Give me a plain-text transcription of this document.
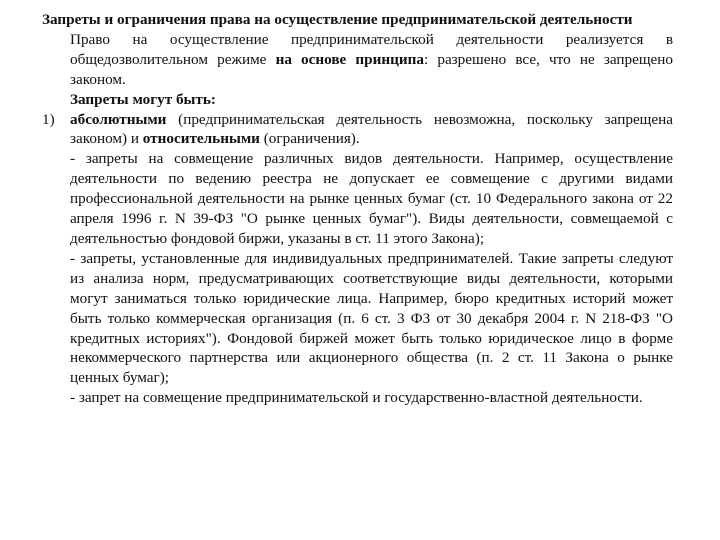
Запреты и ограничения права на осуществление предпринимательской деятельности

Право на осуществление предпринимательской деятельности реализуется в общедозволительном режиме на основе принципа: разрешено все, что не запрещено законом.

Запреты могут быть:

1) абсолютными (предпринимательская деятельность невозможна, поскольку запрещена законом) и относительными (ограничения).

- запреты на совмещение различных видов деятельности. Например, осуществление деятельности по ведению реестра не допускает ее совмещение с другими видами профессиональной деятельности на рынке ценных бумаг (ст. 10 Федерального закона от 22 апреля 1996 г. N 39-ФЗ "О рынке ценных бумаг"). Виды деятельности, совмещаемой с деятельностью фондовой биржи, указаны в ст. 11 этого Закона);

- запреты, установленные для индивидуальных предпринимателей. Такие запреты следуют из анализа норм, предусматривающих соответствующие виды деятельности, которыми могут заниматься только юридические лица. Например, бюро кредитных историй может быть только коммерческая организация (п. 6 ст. 3 ФЗ от 30 декабря 2004 г. N 218-ФЗ "О кредитных историях"). Фондовой биржей может быть только юридическое лицо в форме некоммерческого партнерства или акционерного общества (п. 2 ст. 11 Закона о рынке ценных бумаг);

- запрет на совмещение предпринимательской и государственно-властной деятельности.
